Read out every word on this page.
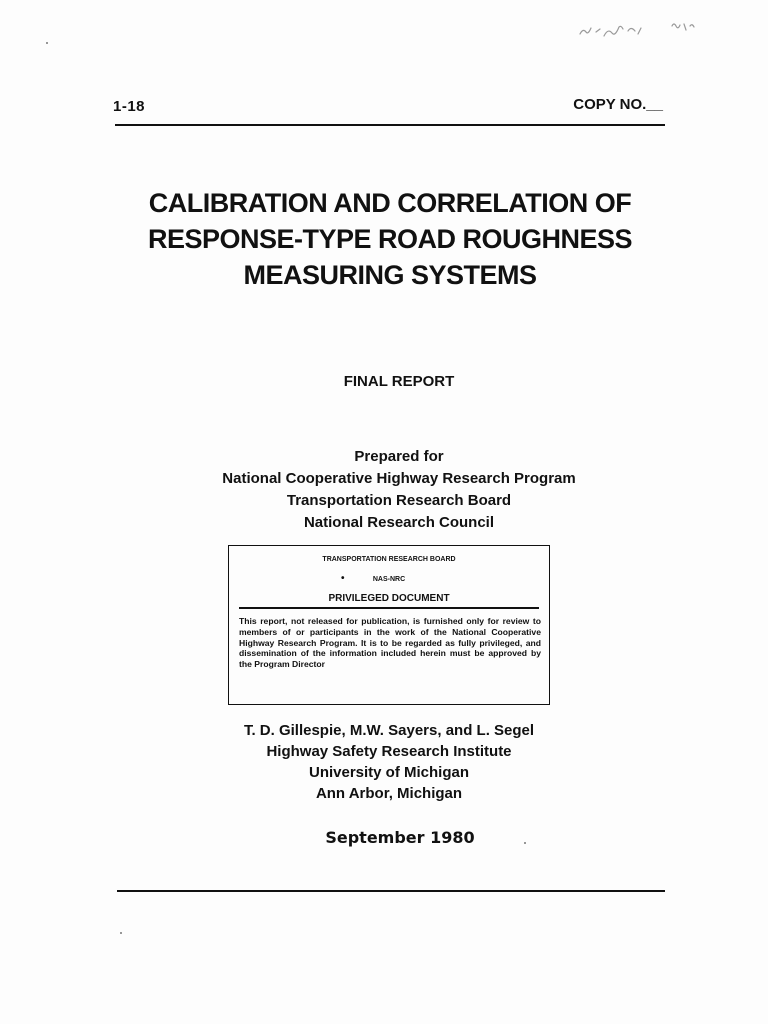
1-18	COPY NO.__
CALIBRATION AND CORRELATION OF
RESPONSE-TYPE ROAD ROUGHNESS
MEASURING SYSTEMS
FINAL REPORT
Prepared for
National Cooperative Highway Research Program
Transportation Research Board
National Research Council
TRANSPORTATION RESEARCH BOARD
•	NAS-NRC
PRIVILEGED DOCUMENT
This report, not released for publication, is furnished only for review to members of or participants in the work of the National Cooperative Highway Research Program. It is to be regarded as fully privileged, and dissemination of the information included herein must be approved by the Program Director
T. D. Gillespie, M.W. Sayers, and L. Segel
Highway Safety Research Institute
University of Michigan
Ann Arbor, Michigan
September 1980
